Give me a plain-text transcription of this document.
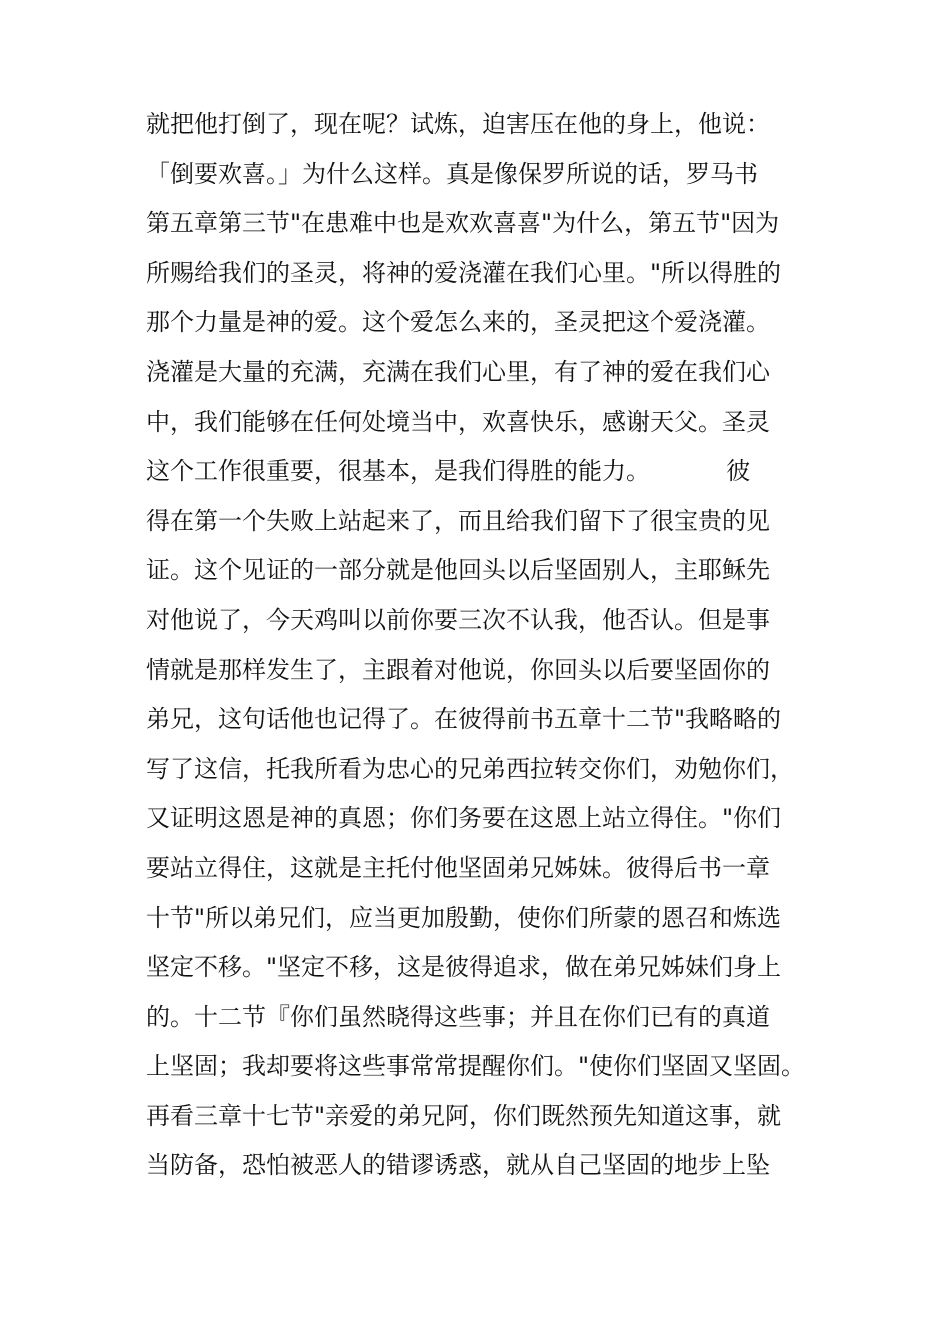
就把他打倒了，现在呢？试炼，迫害压在他的身上，他说：
「倒要欢喜。」为什么这样。真是像保罗所说的话，罗马书
第五章第三节"在患难中也是欢欢喜喜"为什么，第五节"因为
所赐给我们的圣灵，将神的爱浇灌在我们心里。"所以得胜的
那个力量是神的爱。这个爱怎么来的，圣灵把这个爱浇灌。
浇灌是大量的充满，充满在我们心里，有了神的爱在我们心
中，我们能够在任何处境当中，欢喜快乐，感谢天父。圣灵
这个工作很重要，很基本，是我们得胜的能力。          彼
得在第一个失败上站起来了，而且给我们留下了很宝贵的见
证。这个见证的一部分就是他回头以后坚固别人，主耶稣先
对他说了，今天鸡叫以前你要三次不认我，他否认。但是事
情就是那样发生了，主跟着对他说，你回头以后要坚固你的
弟兄，这句话他也记得了。在彼得前书五章十二节"我略略的
写了这信，托我所看为忠心的兄弟西拉转交你们，劝勉你们，
又证明这恩是神的真恩；你们务要在这恩上站立得住。"你们
要站立得住，这就是主托付他坚固弟兄姊妹。彼得后书一章
十节"所以弟兄们，应当更加殷勤，使你们所蒙的恩召和炼选
坚定不移。"坚定不移，这是彼得追求，做在弟兄姊妹们身上
的。十二节『你们虽然晓得这些事；并且在你们已有的真道
上坚固；我却要将这些事常常提醒你们。"使你们坚固又坚固。
再看三章十七节"亲爱的弟兄阿，你们既然预先知道这事，就
当防备，恐怕被恶人的错谬诱惑，就从自己坚固的地步上坠
